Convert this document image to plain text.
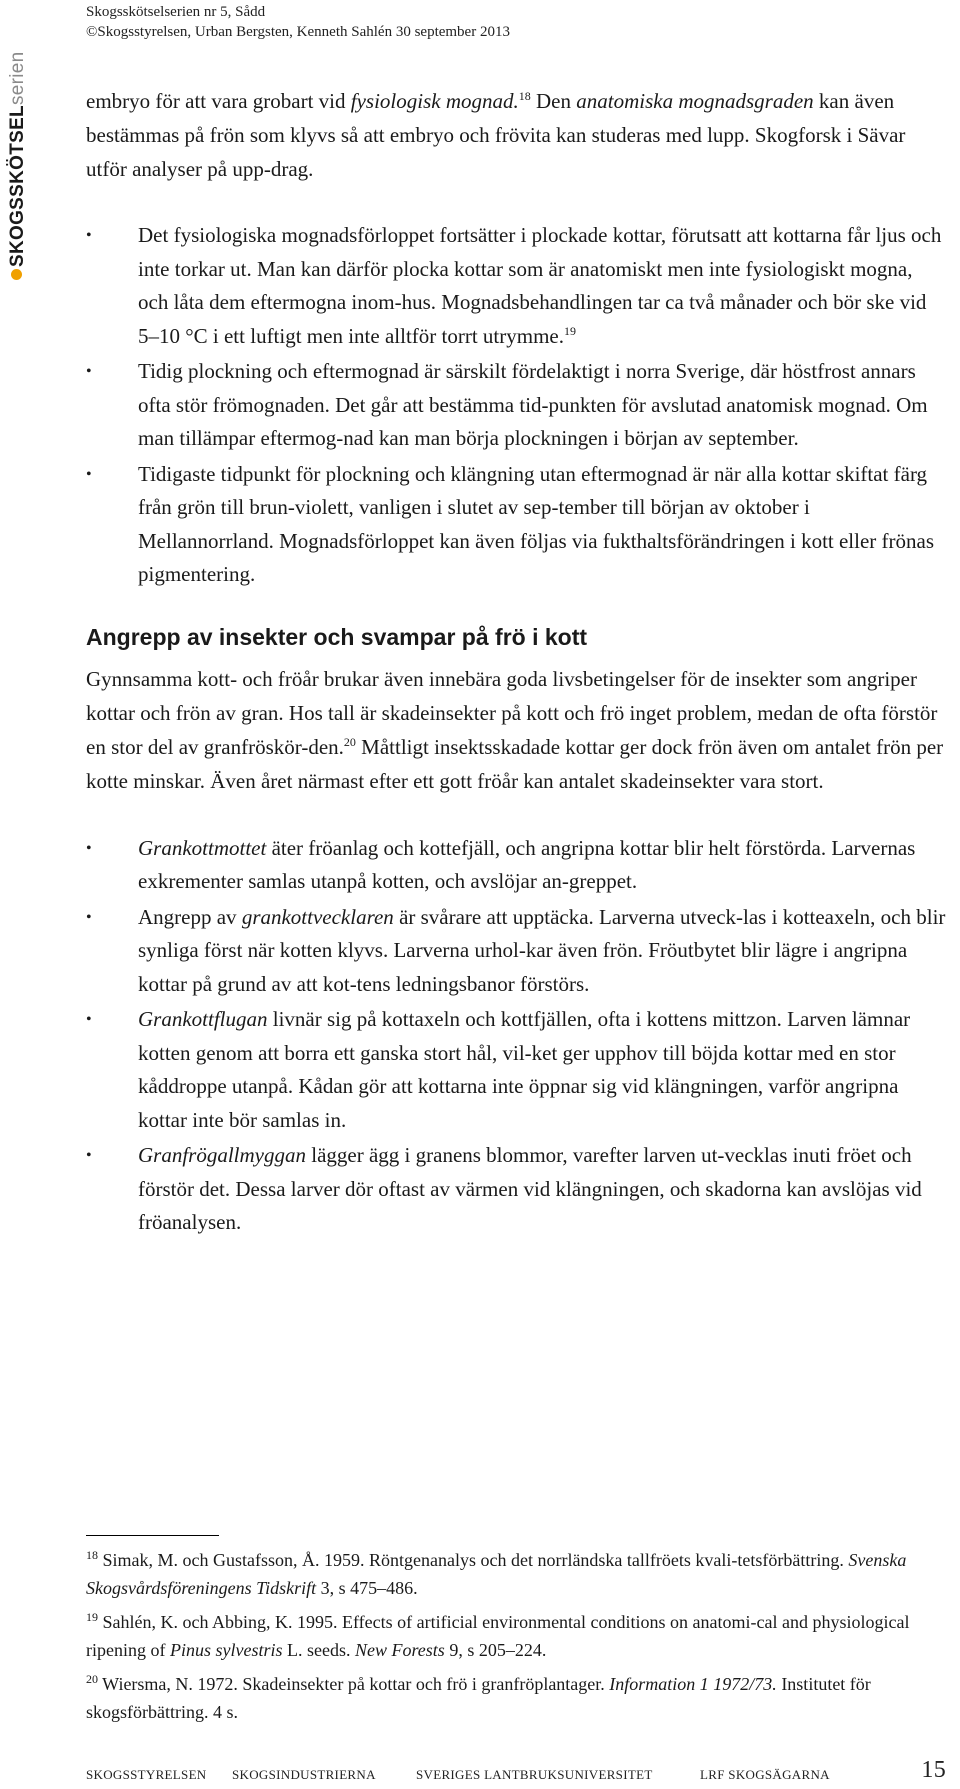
SKOGSSKÖTSELserien
Skogsskötselserien nr 5, Sådd
©Skogsstyrelsen, Urban Bergsten, Kenneth Sahlén 30 september 2013

embryo för att vara grobart vid fysiologisk mognad.$^{18}$ Den anatomiska mognadsgraden kan även bestämmas på frön som klyvs så att embryo och frövita kan studeras med lupp. Skogforsk i Sävar utför analyser på upp-drag.

• Det fysiologiska mognadsförloppet fortsätter i plockade kottar, förutsatt att kottarna får ljus och inte torkar ut. Man kan därför plocka kottar som är anatomiskt men inte fysiologiskt mogna, och låta dem eftermogna inom-hus. Mognadsbehandlingen tar ca två månader och bör ske vid 5–10 °C i ett luftigt men inte alltför torrt utrymme.$^{19}$
• Tidig plockning och eftermognad är särskilt fördelaktigt i norra Sverige, där höstfrost annars ofta stör frömognaden. Det går att bestämma tid-punkten för avslutad anatomisk mognad. Om man tillämpar eftermog-nad kan man börja plockningen i början av september.
• Tidigaste tidpunkt för plockning och klängning utan eftermognad är när alla kottar skiftat färg från grön till brun-violett, vanligen i slutet av sep-tember till början av oktober i Mellannorrland. Mognadsförloppet kan även följas via fukthaltsförändringen i kott eller frönas pigmentering.
Angrepp av insekter och svampar på frö i kott

Gynnsamma kott- och fröår brukar även innebära goda livsbetingelser för de insekter som angriper kottar och frön av gran. Hos tall är skadeinsekter på kott och frö inget problem, medan de ofta förstör en stor del av granfröskör-den.$^{20}$ Måttligt insektsskadade kottar ger dock frön även om antalet frön per kotte minskar. Även året närmast efter ett gott fröår kan antalet skadeinsekter vara stort.

• Grankottmottet äter fröanlag och kottefjäll, och angripna kottar blir helt förstörda. Larvernas exkrementer samlas utanpå kotten, och avslöjar an-greppet.
• Angrepp av grankottvecklaren är svårare att upptäcka. Larverna utveck-las i kotteaxeln, och blir synliga först när kotten klyvs. Larverna urhol-kar även frön. Fröutbytet blir lägre i angripna kottar på grund av att kot-tens ledningsbanor förstörs.
• Grankottflugan livnär sig på kottaxeln och kottfjällen, ofta i kottens mittzon. Larven lämnar kotten genom att borra ett ganska stort hål, vil-ket ger upphov till böjda kottar med en stor kåddroppe utanpå. Kådan gör att kottarna inte öppnar sig vid klängningen, varför angripna kottar inte bör samlas in.
• Granfrögallmyggan lägger ägg i granens blommor, varefter larven ut-vecklas inuti fröet och förstör det. Dessa larver dör oftast av värmen vid klängningen, och skadorna kan avslöjas vid fröanalysen.

$^{18}$ Simak, M. och Gustafsson, Å. 1959. Röntgenanalys och det norrländska tallfröets kvali-tetsförbättring. Svenska Skogsvårdsföreningens Tidskrift 3, s 475–486.

$^{19}$ Sahlén, K. och Abbing, K. 1995. Effects of artificial environmental conditions on anatomi-cal and physiological ripening of Pinus sylvestris L. seeds. New Forests 9, s 205–224.

$^{20}$ Wiersma, N. 1972. Skadeinsekter på kottar och frö i granfröplantager. Information 1 1972/73. Institutet för skogsförbättring. 4 s.

SKOGSSTYRELSEN SKOGSINDUSTRIERNA	SVERIGES LANTBRUKSUNIVERSITET	LRF SKOGSÄGARNA	15
